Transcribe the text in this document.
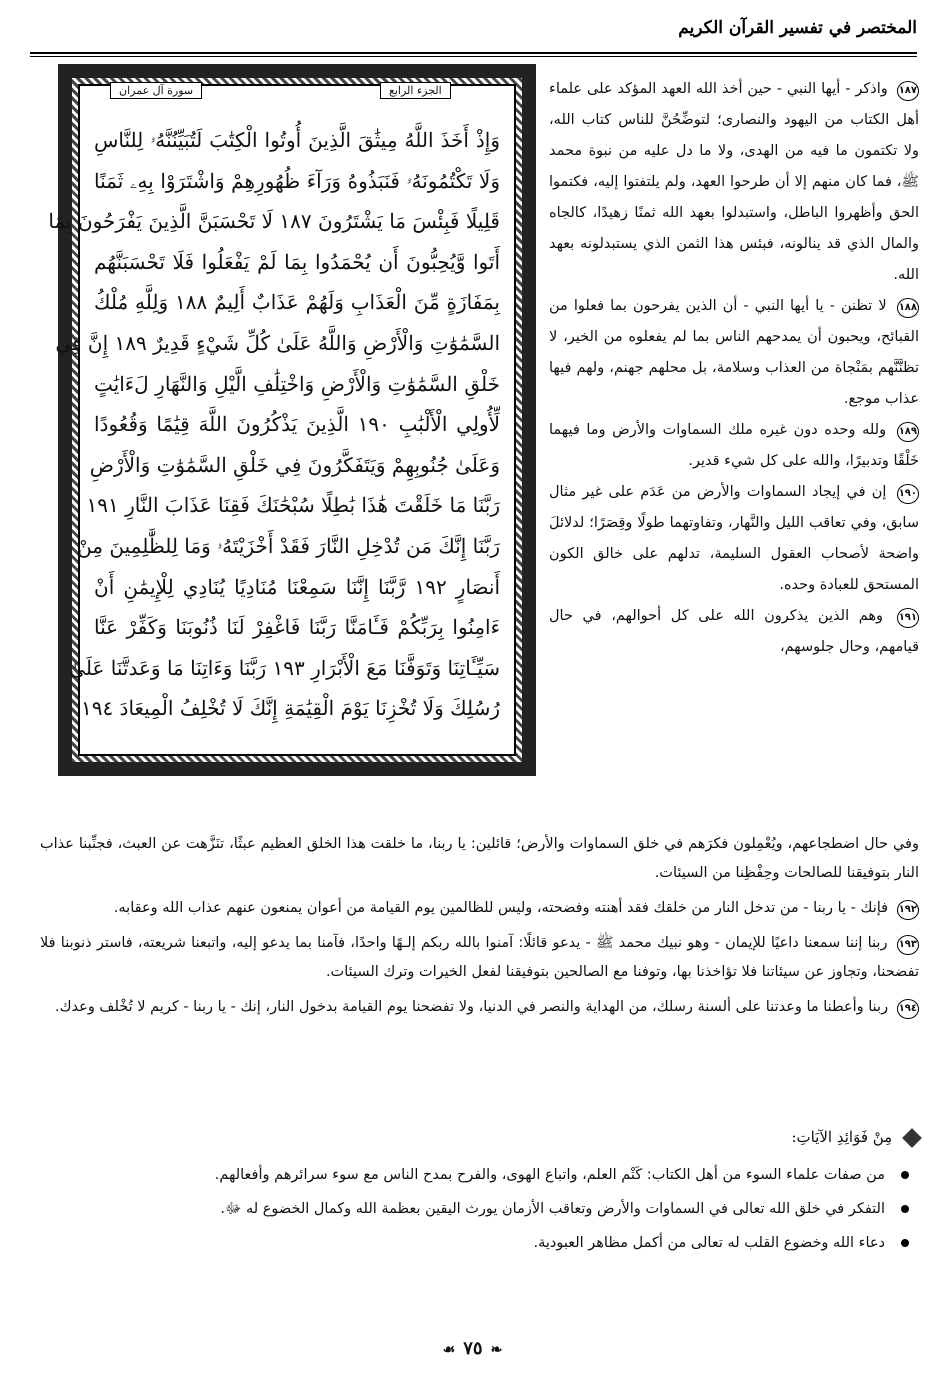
المختصر في تفسير القرآن الكريم
الجزء الرابع
سورة آل عمران
وَإِذْ أَخَذَ اللَّهُ مِيثَٰقَ الَّذِينَ أُوتُوا الْكِتَٰبَ لَتُبَيِّنُنَّهُۥ لِلنَّاسِ
وَلَا تَكْتُمُونَهُۥ فَنَبَذُوهُ وَرَآءَ ظُهُورِهِمْ وَاشْتَرَوْا بِهِۦ ثَمَنًا
قَلِيلًا فَبِئْسَ مَا يَشْتَرُونَ ١٨٧ لَا تَحْسَبَنَّ الَّذِينَ يَفْرَحُونَ بِمَا
أَتَوا وَّيُحِبُّونَ أَن يُحْمَدُوا بِمَا لَمْ يَفْعَلُوا فَلَا تَحْسَبَنَّهُم
بِمَفَازَةٍ مِّنَ الْعَذَابِ وَلَهُمْ عَذَابٌ أَلِيمٌ ١٨٨ وَلِلَّهِ مُلْكُ
السَّمَٰوَٰتِ وَالْأَرْضِ وَاللَّهُ عَلَىٰ كُلِّ شَيْءٍ قَدِيرٌ ١٨٩ إِنَّ فِي
خَلْقِ السَّمَٰوَٰتِ وَالْأَرْضِ وَاخْتِلَٰفِ الَّيْلِ وَالنَّهَارِ لَءَايَٰتٍ
لِّأُولِي الْأَلْبَٰبِ ١٩٠ الَّذِينَ يَذْكُرُونَ اللَّهَ قِيَٰمًا وَقُعُودًا
وَعَلَىٰ جُنُوبِهِمْ وَيَتَفَكَّرُونَ فِي خَلْقِ السَّمَٰوَٰتِ وَالْأَرْضِ
رَبَّنَا مَا خَلَقْتَ هَٰذَا بَٰطِلًا سُبْحَٰنَكَ فَقِنَا عَذَابَ النَّارِ ١٩١
رَبَّنَا إِنَّكَ مَن تُدْخِلِ النَّارَ فَقَدْ أَخْزَيْتَهُۥ وَمَا لِلظَّٰلِمِينَ مِنْ
أَنصَارٍ ١٩٢ رَّبَّنَا إِنَّنَا سَمِعْنَا مُنَادِيًا يُنَادِي لِلْإِيمَٰنِ أَنْ
ءَامِنُوا بِرَبِّكُمْ فَـَٔامَنَّا رَبَّنَا فَاغْفِرْ لَنَا ذُنُوبَنَا وَكَفِّرْ عَنَّا
سَيِّـَٔاتِنَا وَتَوَفَّنَا مَعَ الْأَبْرَارِ ١٩٣ رَبَّنَا وَءَاتِنَا مَا وَعَدتَّنَا عَلَىٰ
رُسُلِكَ وَلَا تُخْزِنَا يَوْمَ الْقِيَٰمَةِ إِنَّكَ لَا تُخْلِفُ الْمِيعَادَ ١٩٤

١٨٧ واذكر - أيها النبي - حين أخذ الله العهد المؤكد على علماء أهل الكتاب من اليهود والنصارى؛ لتوضِّحُنَّ للناس كتاب الله، ولا تكتمون ما فيه من الهدى، ولا ما دل عليه من نبوة محمد ﷺ، فما كان منهم إلا أن طرحوا العهد، ولم يلتفتوا إليه، فكتموا الحق وأظهروا الباطل، واستبدلوا بعهد الله ثمنًا زهيدًا، كالجاه والمال الذي قد ينالونه، فبئس هذا الثمن الذي يستبدلونه بعهد الله.

١٨٨ لا تظنن - يا أيها النبي - أن الذين يفرحون بما فعلوا من القبائح، ويحبون أن يمدحهم الناس بما لم يفعلوه من الخير، لا تظنَّنَّهم بمَنْجاة من العذاب وسلامة، بل محلهم جهنم، ولهم فيها عذاب موجع.

١٨٩ ولله وحده دون غيره ملك السماوات والأرض وما فيهما خَلْقًا وتدبيرًا، والله على كل شيء قدير.

١٩٠ إن في إيجاد السماوات والأرض من عَدَم على غير مثال سابق، وفي تعاقب الليل والنَّهار، وتفاوتهما طولًا وقِصَرًا؛ لدلائلَ واضحة لأصحاب العقول السليمة، تدلهم على خالق الكون المستحق للعبادة وحده.

١٩١ وهم الذين يذكرون الله على كل أحوالهم، في حال قيامهم، وحال جلوسهم،

وفي حال اضطجاعهم، ويُعْمِلون فكرَهم في خلق السماوات والأرض؛ قائلين: يا ربنا، ما خلقت هذا الخلق العظيم عبثًا، تنَزَّهت عن العبث، فجنِّبنا عذاب النار بتوفيقنا للصالحات وحِفْظِنا من السيئات.

١٩٢ فإنك - يا ربنا - من تدخل النار من خلقك فقد أهنته وفضحته، وليس للظالمين يوم القيامة من أعوان يمنعون عنهم عذاب الله وعقابه.

١٩٣ ربنا إننا سمعنا داعيًا للإيمان - وهو نبيك محمد ﷺ - يدعو قائلًا: آمنوا بالله ربكم إلـهًا واحدًا، فآمنا بما يدعو إليه، واتبعنا شريعته، فاستر ذنوبنا فلا تفضحنا، وتجاوز عن سيئاتنا فلا تؤاخذنا بها، وتوفنا مع الصالحين بتوفيقنا لفعل الخيرات وترك السيئات.

١٩٤ ربنا وأعطنا ما وعدتنا على ألسنة رسلك، من الهداية والنصر في الدنيا، ولا تفضحنا يوم القيامة بدخول النار، إنك - يا ربنا - كريم لا تُخْلف وعدك.

مِنْ فَوَائِدِ الآيَاتِ:
من صفات علماء السوء من أهل الكتاب: كَتْم العلم، واتباع الهوى، والفرح بمدح الناس مع سوء سرائرهم وأفعالهم.
التفكر في خلق الله تعالى في السماوات والأرض وتعاقب الأزمان يورث اليقين بعظمة الله وكمال الخضوع له ﷻ.
دعاء الله وخضوع القلب له تعالى من أكمل مظاهر العبودية.
❧٧٥☙
